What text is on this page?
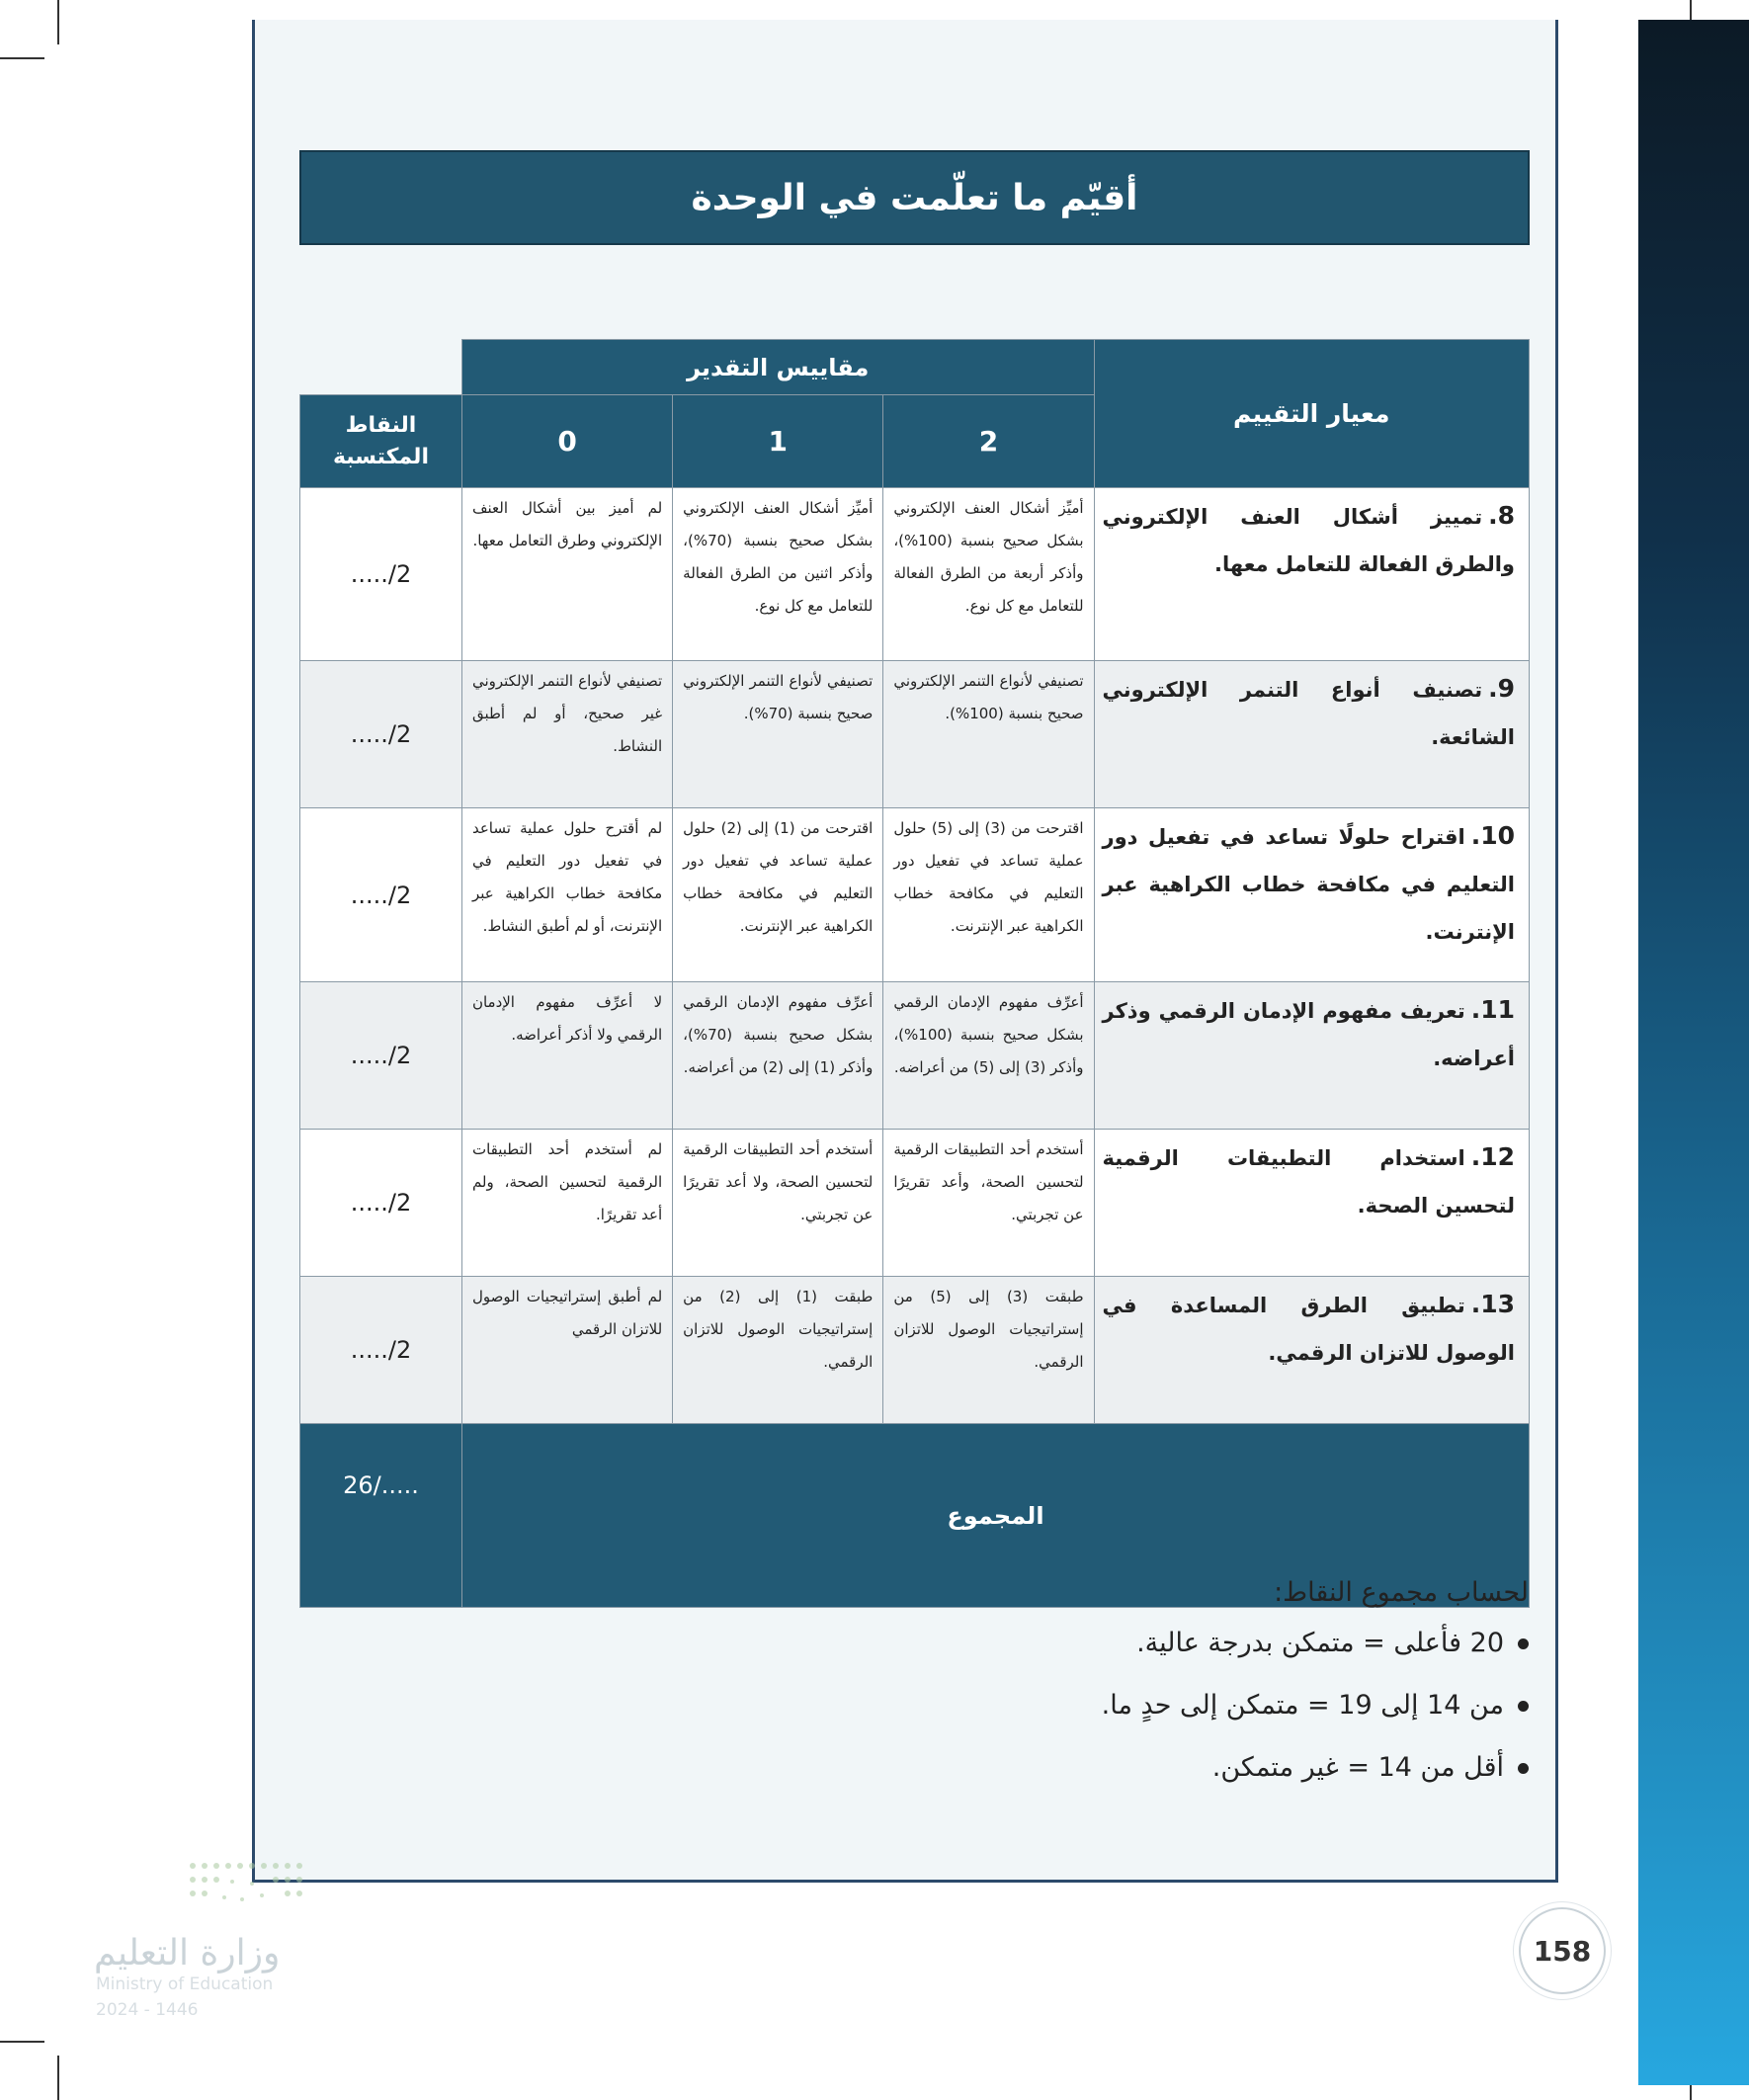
أقيّم ما تعلّمت في الوحدة
معيار التقييم	مقاييس التقدير			
	2	1	0	النقاط المكتسبة
8.تمييز أشكال العنف الإلكتروني والطرق الفعالة للتعامل معها.	أميِّز أشكال العنف الإلكتروني بشكل صحيح بنسبة (100%)، وأذكر أربعة من الطرق الفعالة للتعامل مع كل نوع.	أميِّز أشكال العنف الإلكتروني بشكل صحيح بنسبة (70%)، وأذكر اثنين من الطرق الفعالة للتعامل مع كل نوع.	لم أميز بين أشكال العنف الإلكتروني وطرق التعامل معها.	...../2
9.تصنيف أنواع التنمر الإلكتروني الشائعة.	تصنيفي لأنواع التنمر الإلكتروني صحيح بنسبة (100%).	تصنيفي لأنواع التنمر الإلكتروني صحيح بنسبة (70%).	تصنيفي لأنواع التنمر الإلكتروني غير صحيح، أو لم أطبق النشاط.	...../2
10.اقتراح حلولًا تساعد في تفعيل دور التعليم في مكافحة خطاب الكراهية عبر الإنترنت.	اقترحت من (3) إلى (5) حلول عملية تساعد في تفعيل دور التعليم في مكافحة خطاب الكراهية عبر الإنترنت.	اقترحت من (1) إلى (2) حلول عملية تساعد في تفعيل دور التعليم في مكافحة خطاب الكراهية عبر الإنترنت.	لم أقترح حلول عملية تساعد في تفعيل دور التعليم في مكافحة خطاب الكراهية عبر الإنترنت، أو لم أطبق النشاط.	...../2
11.تعريف مفهوم الإدمان الرقمي وذكر أعراضه.	أعرِّف مفهوم الإدمان الرقمي بشكل صحيح بنسبة (100%)، وأذكر (3) إلى (5) من أعراضه.	أعرِّف مفهوم الإدمان الرقمي بشكل صحيح بنسبة (70%)، وأذكر (1) إلى (2) من أعراضه.	لا أعرِّف مفهوم الإدمان الرقمي ولا أذكر أعراضه.	...../2
12.استخدام التطبيقات الرقمية لتحسين الصحة.	أستخدم أحد التطبيقات الرقمية لتحسين الصحة، وأعد تقريرًا عن تجربتي.	أستخدم أحد التطبيقات الرقمية لتحسين الصحة، ولا أعد تقريرًا عن تجربتي.	لم أستخدم أحد التطبيقات الرقمية لتحسين الصحة، ولم أعد تقريرًا.	...../2
13.تطبيق الطرق المساعدة في الوصول للاتزان الرقمي.	طبقت (3) إلى (5) من إستراتيجيات الوصول للاتزان الرقمي.	طبقت (1) إلى (2) من إستراتيجيات الوصول للاتزان الرقمي.	لم أطبق إستراتيجيات الوصول للاتزان الرقمي	...../2
المجموع				...../26

لحساب مجموع النقاط:

20 فأعلى = متمكن بدرجة عالية.
من 14 إلى 19 = متمكن إلى حدٍ ما.
أقل من 14 = غير متمكن.
وزارة التعليم
Ministry of Education
2024 - 1446
158
